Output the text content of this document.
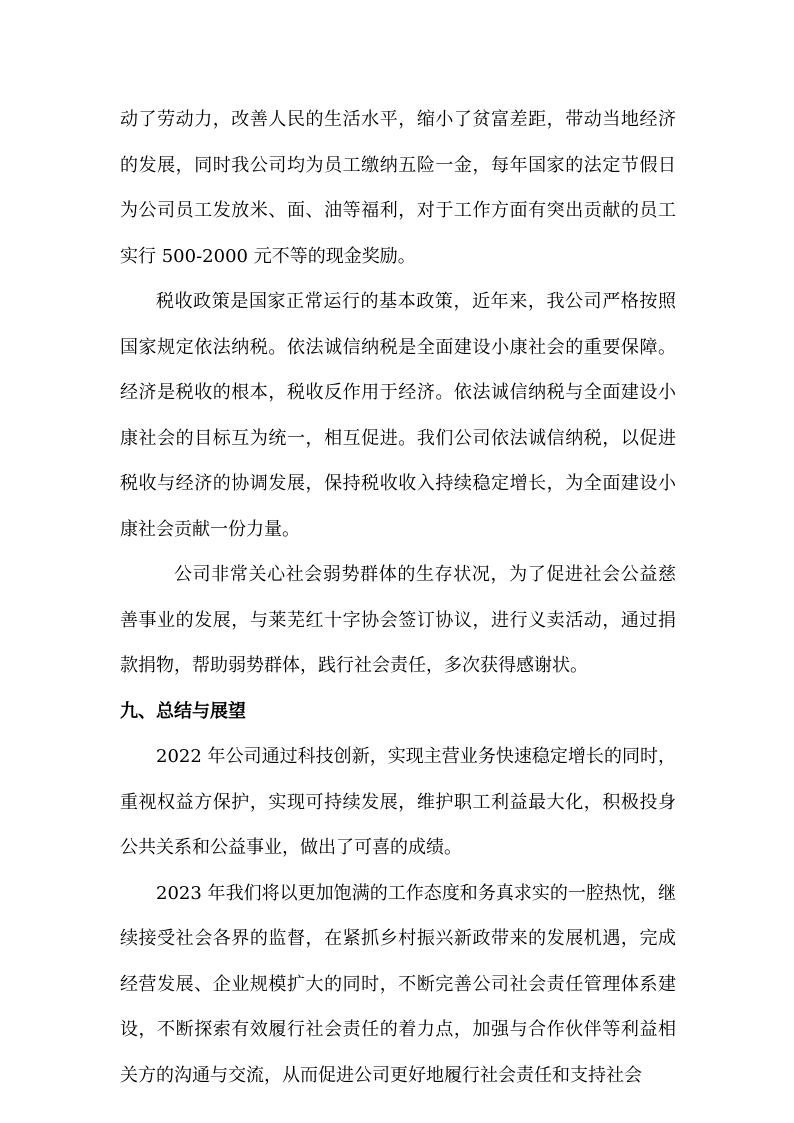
动了劳动力，改善人民的生活水平，缩小了贫富差距，带动当地经济的发展，同时我公司均为员工缴纳五险一金，每年国家的法定节假日为公司员工发放米、面、油等福利，对于工作方面有突出贡献的员工实行 500-2000 元不等的现金奖励。

税收政策是国家正常运行的基本政策，近年来，我公司严格按照国家规定依法纳税。依法诚信纳税是全面建设小康社会的重要保障。经济是税收的根本，税收反作用于经济。依法诚信纳税与全面建设小康社会的目标互为统一，相互促进。我们公司依法诚信纳税，以促进税收与经济的协调发展，保持税收收入持续稳定增长，为全面建设小康社会贡献一份力量。

公司非常关心社会弱势群体的生存状况，为了促进社会公益慈善事业的发展，与莱芜红十字协会签订协议，进行义卖活动，通过捐款捐物，帮助弱势群体，践行社会责任，多次获得感谢状。

九、总结与展望

2022 年公司通过科技创新，实现主营业务快速稳定增长的同时，重视权益方保护，实现可持续发展，维护职工利益最大化，积极投身公共关系和公益事业，做出了可喜的成绩。

2023 年我们将以更加饱满的工作态度和务真求实的一腔热忱，继续接受社会各界的监督，在紧抓乡村振兴新政带来的发展机遇，完成经营发展、企业规模扩大的同时，不断完善公司社会责任管理体系建设，不断探索有效履行社会责任的着力点，加强与合作伙伴等利益相关方的沟通与交流，从而促进公司更好地履行社会责任和支持社会
